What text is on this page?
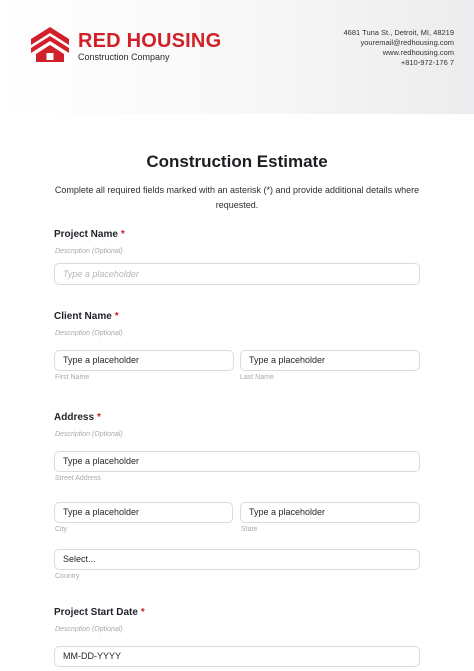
RED HOUSING
Construction Company
4681 Tuna St., Detroit, MI, 48219
youremail@redhousing.com
www.redhousing.com
+810-972-176 7
Construction Estimate
Complete all required fields marked with an asterisk (*) and provide additional details where requested.
Project Name *
Description (Optional)
Type a placeholder
Client Name *
Description (Optional)
Type a placeholder
First Name
Type a placeholder
Last Name
Address *
Description (Optional)
Type a placeholder
Street Address
Type a placeholder
City
Type a placeholder
State
Select...
Country
Project Start Date *
Description (Optional)
MM-DD-YYYY
